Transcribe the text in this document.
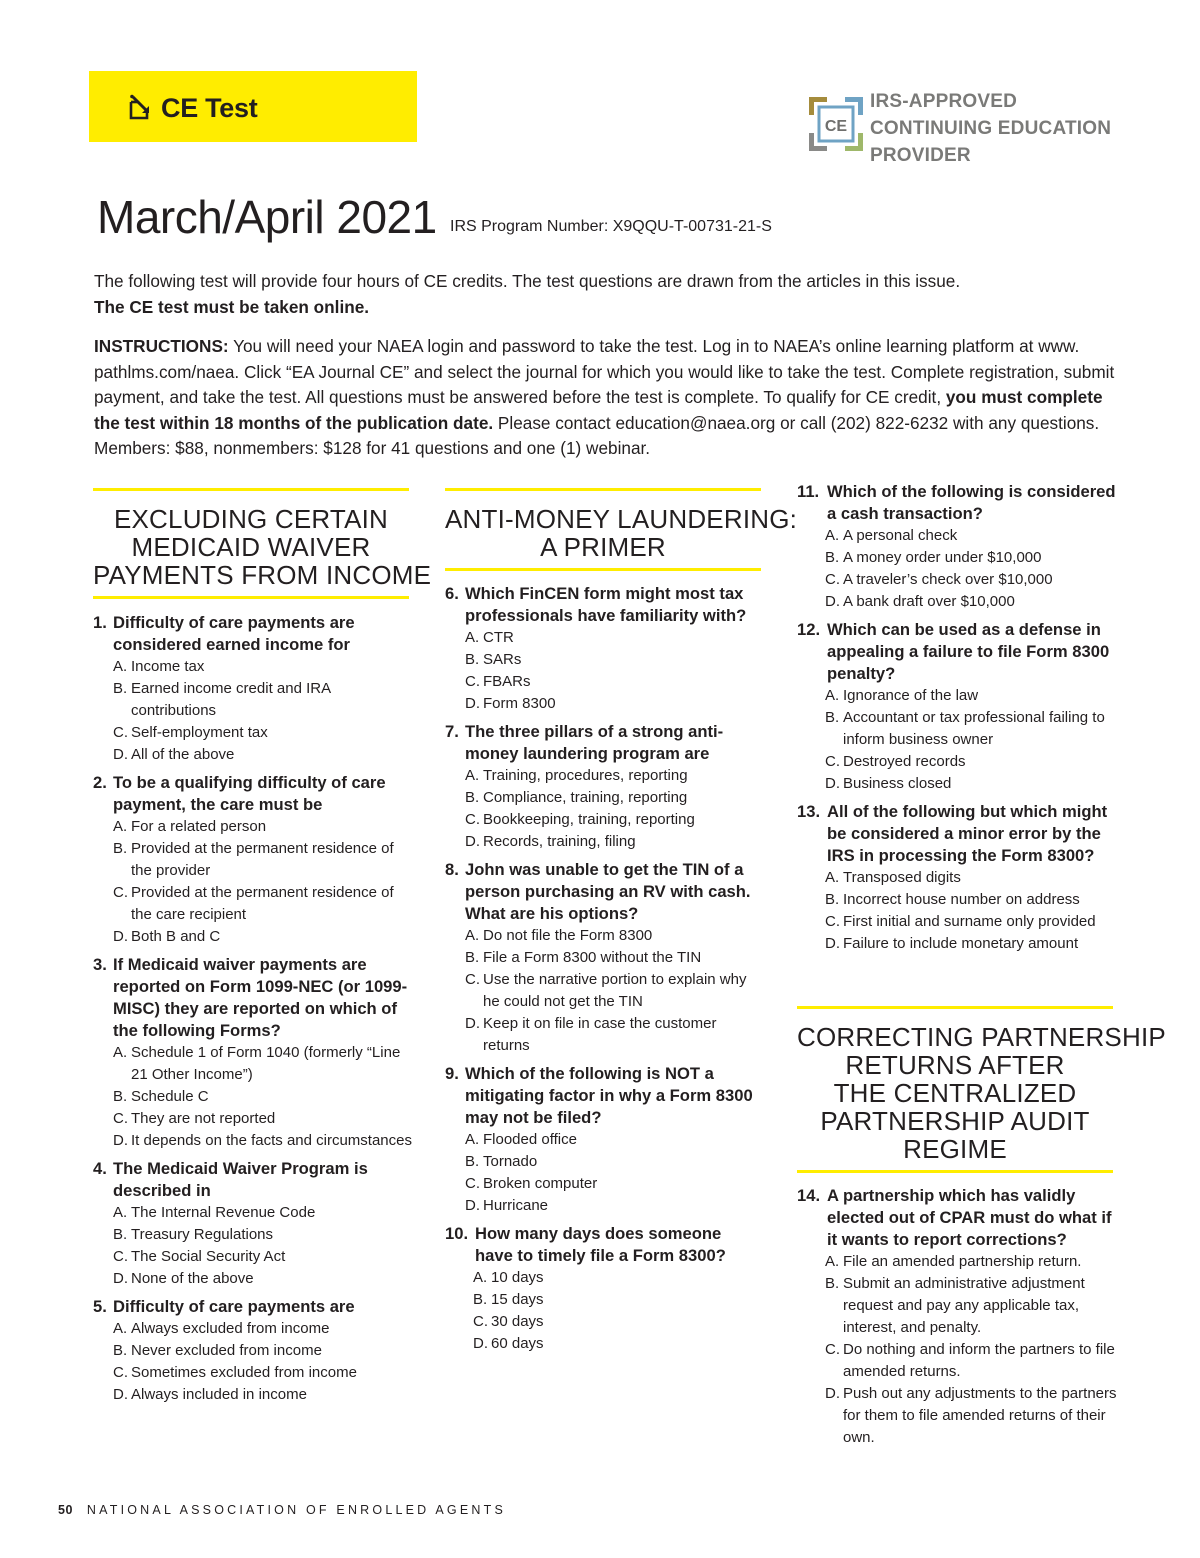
CE Test
CE
IRS-APPROVED
CONTINUING EDUCATION
PROVIDER
March/April 2021 IRS Program Number: X9QQU-T-00731-21-S
The following test will provide four hours of CE credits. The test questions are drawn from the articles in this issue.
The CE test must be taken online.
INSTRUCTIONS: You will need your NAEA login and password to take the test. Log in to NAEA’s online learning platform at www. pathlms.com/naea. Click “EA Journal CE” and select the journal for which you would like to take the test. Complete registration, submit payment, and take the test. All questions must be answered before the test is complete. To qualify for CE credit, you must complete the test within 18 months of the publication date. Please contact education@naea.org or call (202) 822-6232 with any questions. Members: $88, nonmembers: $128 for 41 questions and one (1) webinar.
EXCLUDING CERTAIN
MEDICAID WAIVER
PAYMENTS FROM INCOME
ANTI-MONEY LAUNDERING:
A PRIMER
CORRECTING PARTNERSHIP
RETURNS AFTER
THE CENTRALIZED
PARTNERSHIP AUDIT
REGIME
1. Difficulty of care payments are considered earned income for
A. Income tax
B. Earned income credit and IRA contributions
C. Self-employment tax
D. All of the above
2. To be a qualifying difficulty of care payment, the care must be
A. For a related person
B. Provided at the permanent residence of the provider
C. Provided at the permanent residence of the care recipient
D. Both B and C
3. If Medicaid waiver payments are reported on Form 1099-NEC (or 1099-MISC) they are reported on which of the following Forms?
A. Schedule 1 of Form 1040 (formerly “Line 21 Other Income”)
B. Schedule C
C. They are not reported
D. It depends on the facts and circumstances
4. The Medicaid Waiver Program is described in
A. The Internal Revenue Code
B. Treasury Regulations
C. The Social Security Act
D. None of the above
5. Difficulty of care payments are
A. Always excluded from income
B. Never excluded from income
C. Sometimes excluded from income
D. Always included in income
6. Which FinCEN form might most tax professionals have familiarity with?
A. CTR
B. SARs
C. FBARs
D. Form 8300
7. The three pillars of a strong anti-money laundering program are
A. Training, procedures, reporting
B. Compliance, training, reporting
C. Bookkeeping, training, reporting
D. Records, training, filing
8. John was unable to get the TIN of a person purchasing an RV with cash. What are his options?
A. Do not file the Form 8300
B. File a Form 8300 without the TIN
C. Use the narrative portion to explain why he could not get the TIN
D. Keep it on file in case the customer returns
9. Which of the following is NOT a mitigating factor in why a Form 8300 may not be filed?
A. Flooded office
B. Tornado
C. Broken computer
D. Hurricane
10. How many days does someone have to timely file a Form 8300?
A. 10 days
B. 15 days
C. 30 days
D. 60 days
11. Which of the following is considered a cash transaction?
A. A personal check
B. A money order under $10,000
C. A traveler’s check over $10,000
D. A bank draft over $10,000
12. Which can be used as a defense in appealing a failure to file Form 8300 penalty?
A. Ignorance of the law
B. Accountant or tax professional failing to inform business owner
C. Destroyed records
D. Business closed
13. All of the following but which might be considered a minor error by the IRS in processing the Form 8300?
A. Transposed digits
B. Incorrect house number on address
C. First initial and surname only provided
D. Failure to include monetary amount
14. A partnership which has validly elected out of CPAR must do what if it wants to report corrections?
A. File an amended partnership return.
B. Submit an administrative adjustment request and pay any applicable tax, interest, and penalty.
C. Do nothing and inform the partners to file amended returns.
D. Push out any adjustments to the partners for them to file amended returns of their own.
50 NATIONAL ASSOCIATION OF ENROLLED AGENTS
